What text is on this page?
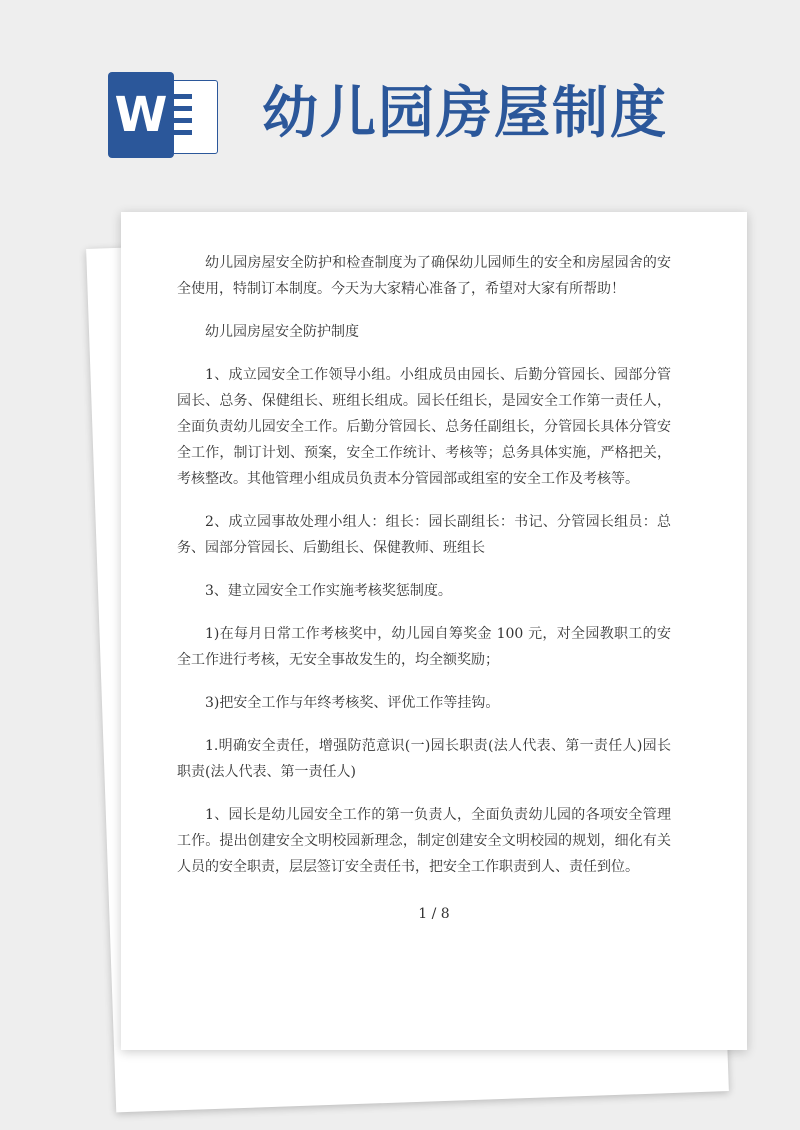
W 幼儿园房屋制度

幼儿园房屋安全防护和检查制度为了确保幼儿园师生的安全和房屋园舍的安全使用，特制订本制度。今天为大家精心准备了，希望对大家有所帮助！

幼儿园房屋安全防护制度

1、成立园安全工作领导小组。小组成员由园长、后勤分管园长、园部分管园长、总务、保健组长、班组长组成。园长任组长，是园安全工作第一责任人，全面负责幼儿园安全工作。后勤分管园长、总务任副组长，分管园长具体分管安全工作，制订计划、预案，安全工作统计、考核等；总务具体实施，严格把关，考核整改。其他管理小组成员负责本分管园部或组室的安全工作及考核等。

2、成立园事故处理小组人：组长：园长副组长：书记、分管园长组员：总务、园部分管园长、后勤组长、保健教师、班组长

3、建立园安全工作实施考核奖惩制度。

1)在每月日常工作考核奖中，幼儿园自筹奖金 100 元，对全园教职工的安全工作进行考核，无安全事故发生的，均全额奖励；

3)把安全工作与年终考核奖、评优工作等挂钩。

1.明确安全责任，增强防范意识(一)园长职责(法人代表、第一责任人)园长职责(法人代表、第一责任人)

1、园长是幼儿园安全工作的第一负责人，全面负责幼儿园的各项安全管理工作。提出创建安全文明校园新理念，制定创建安全文明校园的规划，细化有关人员的安全职责，层层签订安全责任书，把安全工作职责到人、责任到位。

1 / 8
